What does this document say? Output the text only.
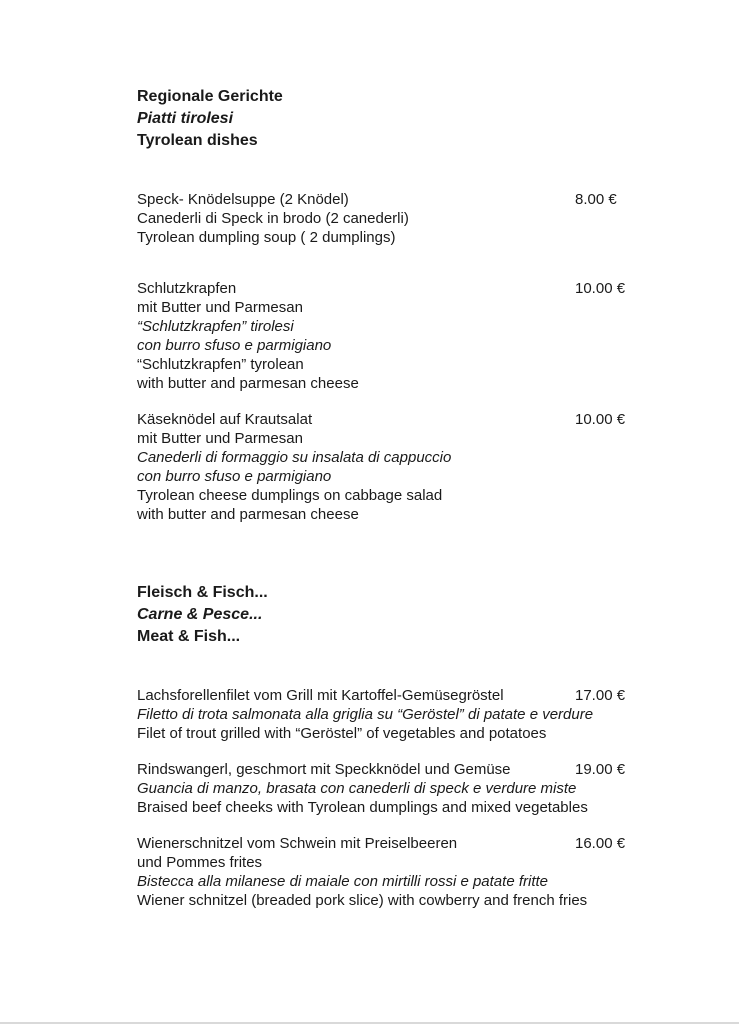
Regionale Gerichte
Piatti tirolesi
Tyrolean dishes
Speck- Knödelsuppe (2 Knödel)
Canederli di Speck in brodo (2 canederli)
Tyrolean dumpling soup ( 2 dumplings)
8.00 €
Schlutzkrapfen
mit Butter und Parmesan
“Schlutzkrapfen” tirolesi
con burro sfuso e parmigiano
“Schlutzkrapfen” tyrolean
with butter and parmesan cheese
10.00 €
Käseknödel auf Krautsalat
mit Butter und Parmesan
Canederli di formaggio su insalata di cappuccio
con burro sfuso e parmigiano
Tyrolean cheese dumplings on cabbage salad
with butter and parmesan cheese
10.00 €
Fleisch & Fisch...
Carne & Pesce...
Meat & Fish...
Lachsforellenfilet vom Grill mit Kartoffel-Gemüsegröstel
Filetto di trota salmonata alla griglia su “Geröstel” di patate e verdure
Filet of trout grilled with “Geröstel” of vegetables and potatoes
17.00 €
Rindswangerl, geschmort mit Speckknödel und Gemüse
Guancia di manzo, brasata con canederli di speck e verdure miste
Braised beef cheeks with Tyrolean dumplings and mixed vegetables
19.00 €
Wienerschnitzel vom Schwein mit Preiselbeeren
und Pommes frites
Bistecca alla milanese di maiale con mirtilli rossi e patate fritte
Wiener schnitzel (breaded pork slice) with cowberry and french fries
16.00 €
